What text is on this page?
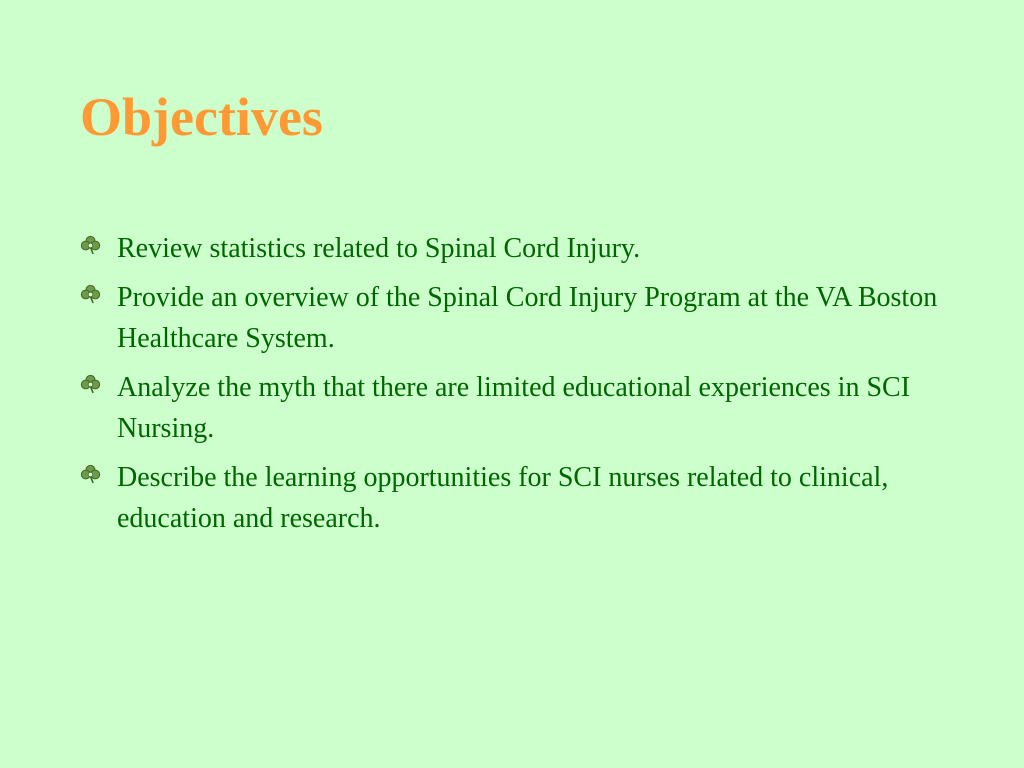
Objectives
Review statistics related to Spinal Cord Injury.
Provide an overview of the Spinal Cord Injury Program at the VA Boston Healthcare System.
Analyze the myth that there are limited educational experiences in SCI Nursing.
Describe the learning opportunities for SCI nurses related to clinical, education and research.
